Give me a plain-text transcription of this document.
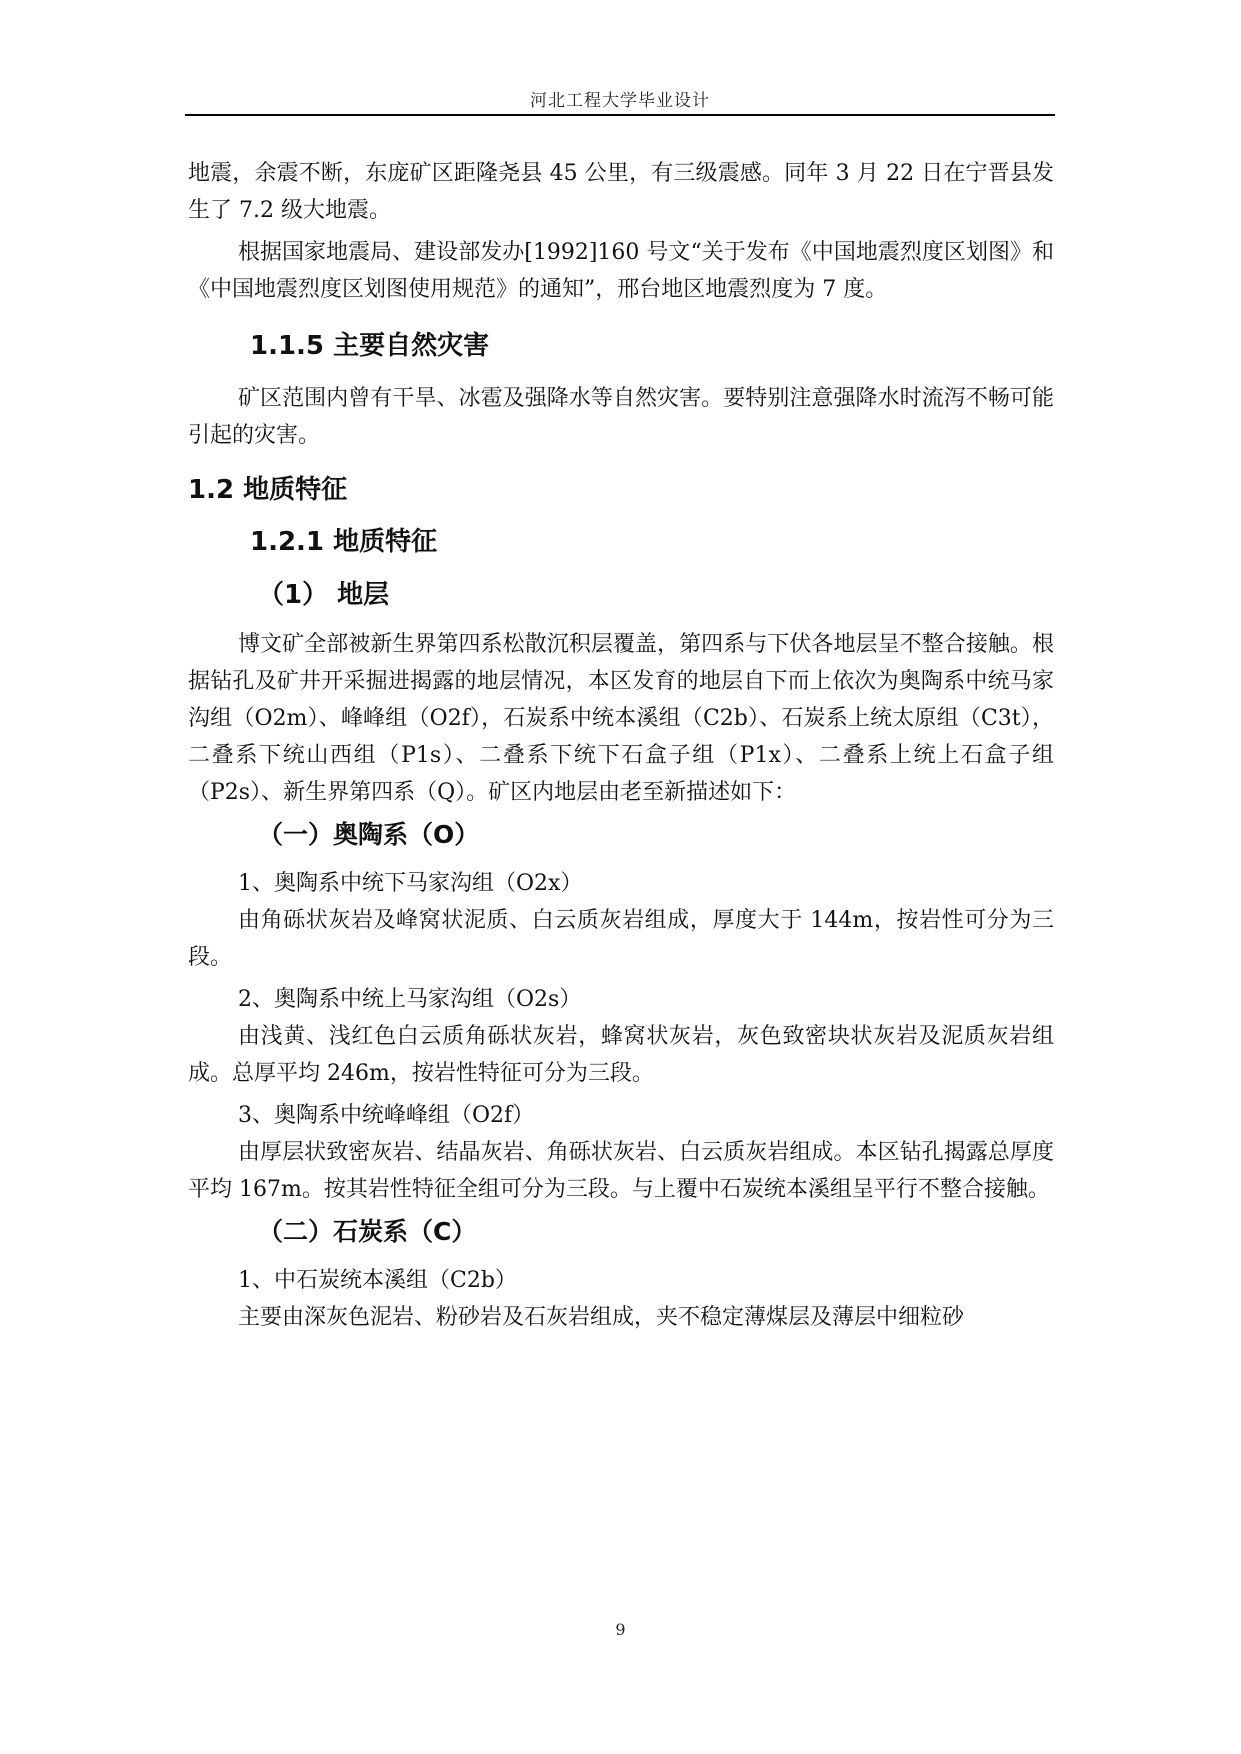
河北工程大学毕业设计

地震，余震不断，东庞矿区距隆尧县 45 公里，有三级震感。同年 3 月 22 日在宁晋县发生了 7.2 级大地震。

根据国家地震局、建设部发办[1992]160 号文“关于发布《中国地震烈度区划图》和《中国地震烈度区划图使用规范》的通知”，邢台地区地震烈度为 7 度。

1.1.5 主要自然灾害

矿区范围内曾有干旱、冰雹及强降水等自然灾害。要特别注意强降水时流泻不畅可能引起的灾害。

1.2 地质特征
1.2.1 地质特征
（1） 地层

博文矿全部被新生界第四系松散沉积层覆盖，第四系与下伏各地层呈不整合接触。根据钻孔及矿井开采掘进揭露的地层情况，本区发育的地层自下而上依次为奥陶系中统马家沟组（O2m）、峰峰组（O2f），石炭系中统本溪组（C2b）、石炭系上统太原组（C3t），二叠系下统山西组（P1s）、二叠系下统下石盒子组（P1x）、二叠系上统上石盒子组（P2s）、新生界第四系（Q）。矿区内地层由老至新描述如下：

（一）奥陶系（O）

1、奥陶系中统下马家沟组（O2x）

由角砾状灰岩及峰窝状泥质、白云质灰岩组成，厚度大于 144m，按岩性可分为三段。

2、奥陶系中统上马家沟组（O2s）

由浅黄、浅红色白云质角砾状灰岩，蜂窝状灰岩，灰色致密块状灰岩及泥质灰岩组成。总厚平均 246m，按岩性特征可分为三段。

3、奥陶系中统峰峰组（O2f）

由厚层状致密灰岩、结晶灰岩、角砾状灰岩、白云质灰岩组成。本区钻孔揭露总厚度平均 167m。按其岩性特征全组可分为三段。与上覆中石炭统本溪组呈平行不整合接触。

（二）石炭系（C）

1、中石炭统本溪组（C2b）

主要由深灰色泥岩、粉砂岩及石灰岩组成，夹不稳定薄煤层及薄层中细粒砂

9
